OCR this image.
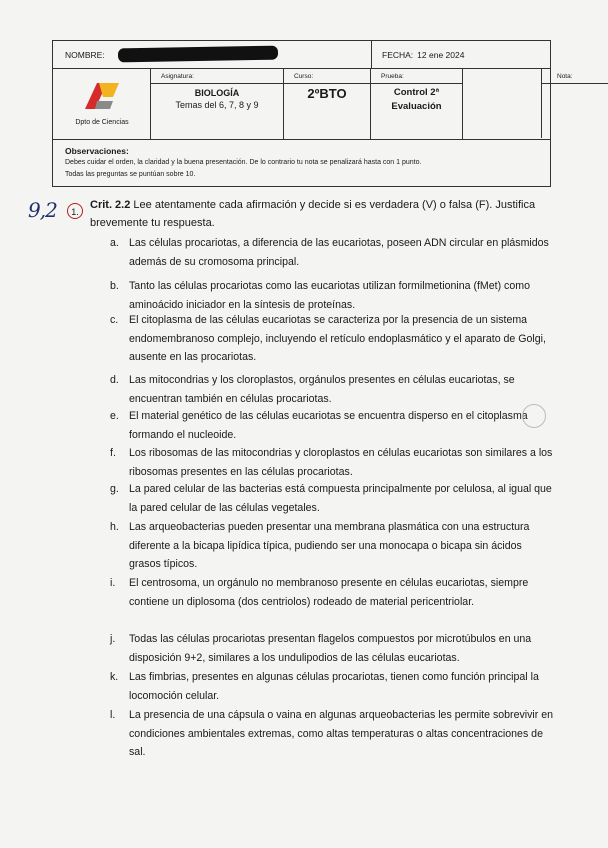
NOMBRE:	FECHA: 12 ene 2024
Dpto de Ciencias
Asignatura:
BIOLOGÍA
Temas del 6, 7, 8 y 9
Curso:
2ºBTO
Prueba:
Control 2ª
Evaluación
Nota:
Observaciones:
Debes cuidar el orden, la claridad y la buena presentación. De lo contrario tu nota se penalizará hasta con 1 punto.
Todas las preguntas se puntúan sobre 10.
9,2	1.
Crit. 2.2 Lee atentamente cada afirmación y decide si es verdadera (V) o falsa (F). Justifica brevemente tu respuesta.
a. Las células procariotas, a diferencia de las eucariotas, poseen ADN circular en plásmidos además de su cromosoma principal.
b. Tanto las células procariotas como las eucariotas utilizan formilmetionina (fMet) como aminoácido iniciador en la síntesis de proteínas.
c. El citoplasma de las células eucariotas se caracteriza por la presencia de un sistema endomembranoso complejo, incluyendo el retículo endoplasmático y el aparato de Golgi, ausente en las procariotas.
d. Las mitocondrias y los cloroplastos, orgánulos presentes en células eucariotas, se encuentran también en células procariotas.
e. El material genético de las células eucariotas se encuentra disperso en el citoplasma formando el nucleoide.
f. Los ribosomas de las mitocondrias y cloroplastos en células eucariotas son similares a los ribosomas presentes en las células procariotas.
g. La pared celular de las bacterias está compuesta principalmente por celulosa, al igual que la pared celular de las células vegetales.
h. Las arqueobacterias pueden presentar una membrana plasmática con una estructura diferente a la bicapa lipídica típica, pudiendo ser una monocapa o bicapa sin ácidos grasos típicos.
i. El centrosoma, un orgánulo no membranoso presente en células eucariotas, siempre contiene un diplosoma (dos centriolos) rodeado de material pericentriolar.
j. Todas las células procariotas presentan flagelos compuestos por microtúbulos en una disposición 9+2, similares a los undulipodios de las células eucariotas.
k. Las fimbrias, presentes en algunas células procariotas, tienen como función principal la locomoción celular.
l. La presencia de una cápsula o vaina en algunas arqueobacterias les permite sobrevivir en condiciones ambientales extremas, como altas temperaturas o altas concentraciones de sal.
